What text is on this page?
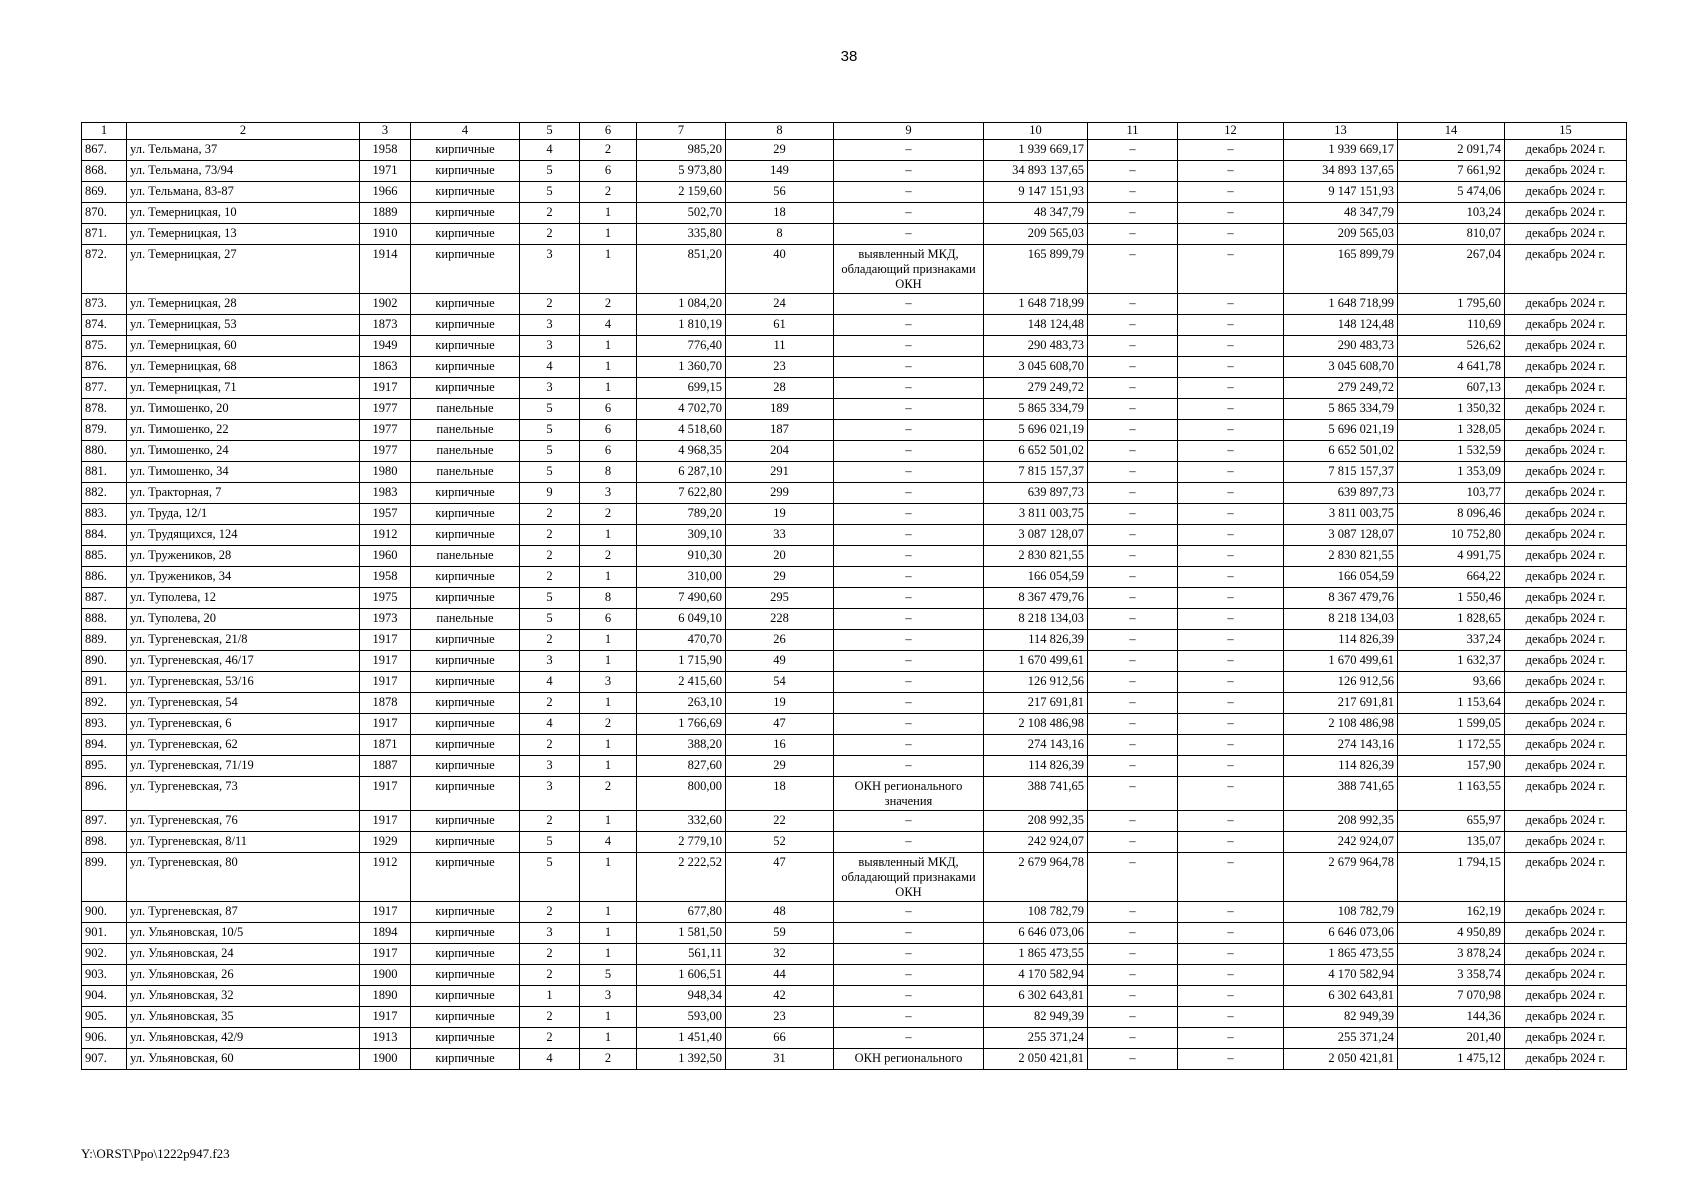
38
1	2	3	4	5	6	7	8	9	10	11	12	13	14	15
867.	ул. Тельмана, 37	1958	кирпичные	4	2	985,20	29	–	1 939 669,17	–	–	1 939 669,17	2 091,74	декабрь 2024 г.
868.	ул. Тельмана, 73/94	1971	кирпичные	5	6	5 973,80	149	–	34 893 137,65	–	–	34 893 137,65	7 661,92	декабрь 2024 г.
869.	ул. Тельмана, 83-87	1966	кирпичные	5	2	2 159,60	56	–	9 147 151,93	–	–	9 147 151,93	5 474,06	декабрь 2024 г.
870.	ул. Темерницкая, 10	1889	кирпичные	2	1	502,70	18	–	48 347,79	–	–	48 347,79	103,24	декабрь 2024 г.
871.	ул. Темерницкая, 13	1910	кирпичные	2	1	335,80	8	–	209 565,03	–	–	209 565,03	810,07	декабрь 2024 г.
872.	ул. Темерницкая, 27	1914	кирпичные	3	1	851,20	40	выявленный МКД, обладающий признаками ОКН	165 899,79	–	–	165 899,79	267,04	декабрь 2024 г.
873.	ул. Темерницкая, 28	1902	кирпичные	2	2	1 084,20	24	–	1 648 718,99	–	–	1 648 718,99	1 795,60	декабрь 2024 г.
874.	ул. Темерницкая, 53	1873	кирпичные	3	4	1 810,19	61	–	148 124,48	–	–	148 124,48	110,69	декабрь 2024 г.
875.	ул. Темерницкая, 60	1949	кирпичные	3	1	776,40	11	–	290 483,73	–	–	290 483,73	526,62	декабрь 2024 г.
876.	ул. Темерницкая, 68	1863	кирпичные	4	1	1 360,70	23	–	3 045 608,70	–	–	3 045 608,70	4 641,78	декабрь 2024 г.
877.	ул. Темерницкая, 71	1917	кирпичные	3	1	699,15	28	–	279 249,72	–	–	279 249,72	607,13	декабрь 2024 г.
878.	ул. Тимошенко, 20	1977	панельные	5	6	4 702,70	189	–	5 865 334,79	–	–	5 865 334,79	1 350,32	декабрь 2024 г.
879.	ул. Тимошенко, 22	1977	панельные	5	6	4 518,60	187	–	5 696 021,19	–	–	5 696 021,19	1 328,05	декабрь 2024 г.
880.	ул. Тимошенко, 24	1977	панельные	5	6	4 968,35	204	–	6 652 501,02	–	–	6 652 501,02	1 532,59	декабрь 2024 г.
881.	ул. Тимошенко, 34	1980	панельные	5	8	6 287,10	291	–	7 815 157,37	–	–	7 815 157,37	1 353,09	декабрь 2024 г.
882.	ул. Тракторная, 7	1983	кирпичные	9	3	7 622,80	299	–	639 897,73	–	–	639 897,73	103,77	декабрь 2024 г.
883.	ул. Труда, 12/1	1957	кирпичные	2	2	789,20	19	–	3 811 003,75	–	–	3 811 003,75	8 096,46	декабрь 2024 г.
884.	ул. Трудящихся, 124	1912	кирпичные	2	1	309,10	33	–	3 087 128,07	–	–	3 087 128,07	10 752,80	декабрь 2024 г.
885.	ул. Тружеников, 28	1960	панельные	2	2	910,30	20	–	2 830 821,55	–	–	2 830 821,55	4 991,75	декабрь 2024 г.
886.	ул. Тружеников, 34	1958	кирпичные	2	1	310,00	29	–	166 054,59	–	–	166 054,59	664,22	декабрь 2024 г.
887.	ул. Туполева, 12	1975	кирпичные	5	8	7 490,60	295	–	8 367 479,76	–	–	8 367 479,76	1 550,46	декабрь 2024 г.
888.	ул. Туполева, 20	1973	панельные	5	6	6 049,10	228	–	8 218 134,03	–	–	8 218 134,03	1 828,65	декабрь 2024 г.
889.	ул. Тургеневская, 21/8	1917	кирпичные	2	1	470,70	26	–	114 826,39	–	–	114 826,39	337,24	декабрь 2024 г.
890.	ул. Тургеневская, 46/17	1917	кирпичные	3	1	1 715,90	49	–	1 670 499,61	–	–	1 670 499,61	1 632,37	декабрь 2024 г.
891.	ул. Тургеневская, 53/16	1917	кирпичные	4	3	2 415,60	54	–	126 912,56	–	–	126 912,56	93,66	декабрь 2024 г.
892.	ул. Тургеневская, 54	1878	кирпичные	2	1	263,10	19	–	217 691,81	–	–	217 691,81	1 153,64	декабрь 2024 г.
893.	ул. Тургеневская, 6	1917	кирпичные	4	2	1 766,69	47	–	2 108 486,98	–	–	2 108 486,98	1 599,05	декабрь 2024 г.
894.	ул. Тургеневская, 62	1871	кирпичные	2	1	388,20	16	–	274 143,16	–	–	274 143,16	1 172,55	декабрь 2024 г.
895.	ул. Тургеневская, 71/19	1887	кирпичные	3	1	827,60	29	–	114 826,39	–	–	114 826,39	157,90	декабрь 2024 г.
896.	ул. Тургеневская, 73	1917	кирпичные	3	2	800,00	18	ОКН регионального значения	388 741,65	–	–	388 741,65	1 163,55	декабрь 2024 г.
897.	ул. Тургеневская, 76	1917	кирпичные	2	1	332,60	22	–	208 992,35	–	–	208 992,35	655,97	декабрь 2024 г.
898.	ул. Тургеневская, 8/11	1929	кирпичные	5	4	2 779,10	52	–	242 924,07	–	–	242 924,07	135,07	декабрь 2024 г.
899.	ул. Тургеневская, 80	1912	кирпичные	5	1	2 222,52	47	выявленный МКД, обладающий признаками ОКН	2 679 964,78	–	–	2 679 964,78	1 794,15	декабрь 2024 г.
900.	ул. Тургеневская, 87	1917	кирпичные	2	1	677,80	48	–	108 782,79	–	–	108 782,79	162,19	декабрь 2024 г.
901.	ул. Ульяновская, 10/5	1894	кирпичные	3	1	1 581,50	59	–	6 646 073,06	–	–	6 646 073,06	4 950,89	декабрь 2024 г.
902.	ул. Ульяновская, 24	1917	кирпичные	2	1	561,11	32	–	1 865 473,55	–	–	1 865 473,55	3 878,24	декабрь 2024 г.
903.	ул. Ульяновская, 26	1900	кирпичные	2	5	1 606,51	44	–	4 170 582,94	–	–	4 170 582,94	3 358,74	декабрь 2024 г.
904.	ул. Ульяновская, 32	1890	кирпичные	1	3	948,34	42	–	6 302 643,81	–	–	6 302 643,81	7 070,98	декабрь 2024 г.
905.	ул. Ульяновская, 35	1917	кирпичные	2	1	593,00	23	–	82 949,39	–	–	82 949,39	144,36	декабрь 2024 г.
906.	ул. Ульяновская, 42/9	1913	кирпичные	2	1	1 451,40	66	–	255 371,24	–	–	255 371,24	201,40	декабрь 2024 г.
907.	ул. Ульяновская, 60	1900	кирпичные	4	2	1 392,50	31	ОКН регионального	2 050 421,81	–	–	2 050 421,81	1 475,12	декабрь 2024 г.
Y:\ORST\Ppo\1222p947.f23
